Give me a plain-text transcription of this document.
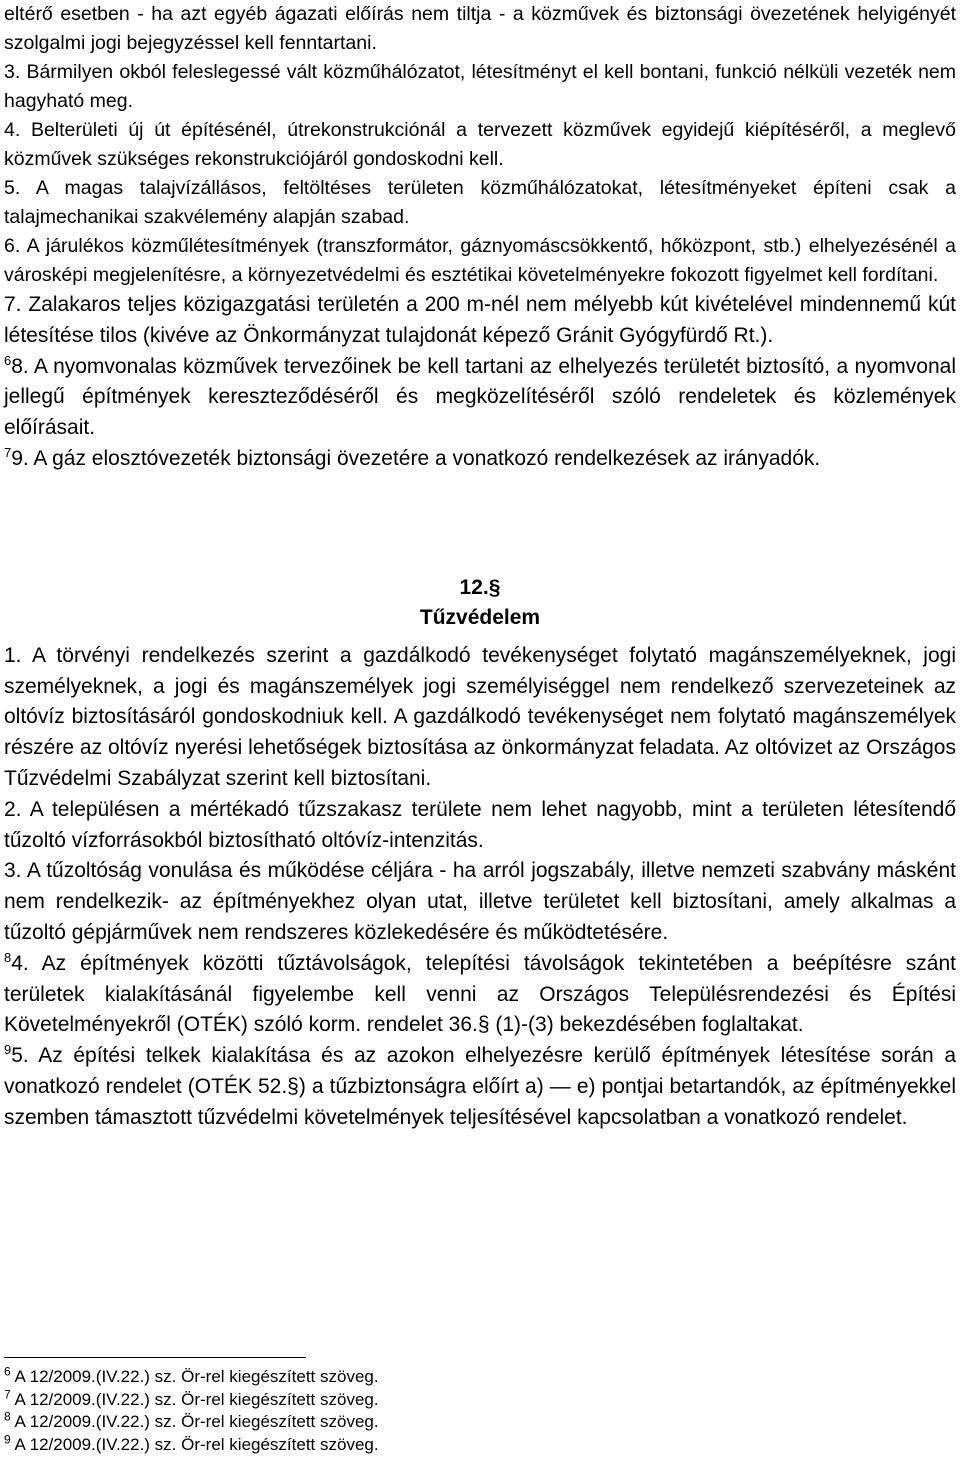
eltérő esetben - ha azt egyéb ágazati előírás nem tiltja - a közművek és biztonsági övezetének helyigényét szolgalmi jogi bejegyzéssel kell fenntartani.

3. Bármilyen okból feleslegessé vált közműhálózatot, létesítményt el kell bontani, funkció nélküli vezeték nem hagyható meg.

4. Belterületi új út építésénél, útrekonstrukciónál a tervezett közművek egyidejű kiépítéséről, a meglevő közművek szükséges rekonstrukciójáról gondoskodni kell.

5. A magas talajvízállásos, feltöltéses területen közműhálózatokat, létesítményeket építeni csak a talajmechanikai szakvélemény alapján szabad.

6. A járulékos közműlétesítmények (transzformátor, gáznyomáscsökkentő, hőközpont, stb.) elhelyezésénél a városképi megjelenítésre, a környezetvédelmi és esztétikai követelményekre fokozott figyelmet kell fordítani.

7. Zalakaros teljes közigazgatási területén a 200 m-nél nem mélyebb kút kivételével mindennemű kút létesítése tilos (kivéve az Önkormányzat tulajdonát képező Gránit Gyógyfürdő Rt.).

$^6$8. A nyomvonalas közművek tervezőinek be kell tartani az elhelyezés területét biztosító, a nyomvonal jellegű építmények kereszteződéséről és megközelítéséről szóló rendeletek és közlemények előírásait.

$^7$9. A gáz elosztóvezeték biztonsági övezetére a vonatkozó rendelkezések az irányadók.

12.§
Tűzvédelem

1. A törvényi rendelkezés szerint a gazdálkodó tevékenységet folytató magánszemélyeknek, jogi személyeknek, a jogi és magánszemélyek jogi személyiséggel nem rendelkező szervezeteinek az oltóvíz biztosításáról gondoskodniuk kell. A gazdálkodó tevékenységet nem folytató magánszemélyek részére az oltóvíz nyerési lehetőségek biztosítása az önkormányzat feladata. Az oltóvizet az Országos Tűzvédelmi Szabályzat szerint kell biztosítani.

2. A településen a mértékadó tűzszakasz területe nem lehet nagyobb, mint a területen létesítendő tűzoltó vízforrásokból biztosítható oltóvíz-intenzitás.

3. A tűzoltóság vonulása és működése céljára - ha arról jogszabály, illetve nemzeti szabvány másként nem rendelkezik- az építményekhez olyan utat, illetve területet kell biztosítani, amely alkalmas a tűzoltó gépjárművek nem rendszeres közlekedésére és működtetésére.

$^8$4. Az építmények közötti tűztávolságok, telepítési távolságok tekintetében a beépítésre szánt területek kialakításánál figyelembe kell venni az Országos Településrendezési és Építési Követelményekről (OTÉK) szóló korm. rendelet 36.§ (1)-(3) bekezdésében foglaltakat.

$^9$5. Az építési telkek kialakítása és az azokon elhelyezésre kerülő építmények létesítése során a vonatkozó rendelet (OTÉK 52.§) a tűzbiztonságra előírt a) — e) pontjai betartandók, az építményekkel szemben támasztott tűzvédelmi követelmények teljesítésével kapcsolatban a vonatkozó rendelet.

$^6$ A 12/2009.(IV.22.) sz. Ör-rel kiegészített szöveg.
$^7$ A 12/2009.(IV.22.) sz. Ör-rel kiegészített szöveg.
$^8$ A 12/2009.(IV.22.) sz. Ör-rel kiegészített szöveg.
$^9$ A 12/2009.(IV.22.) sz. Ör-rel kiegészített szöveg.
